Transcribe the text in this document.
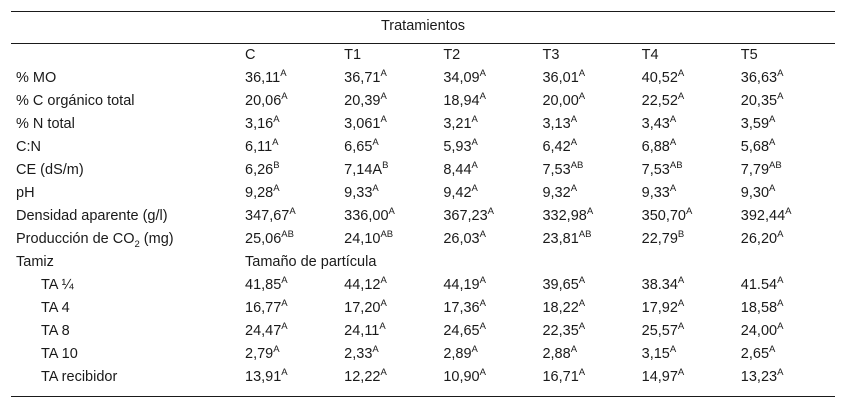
Tratamientos
	C	T1	T2	T3	T4	T5
% MO	$36,11^A$	$36,71^A$	$34,09^A$	$36,01^A$	$40,52^A$	$36,63^A$
% C orgánico total	$20,06^A$	$20,39^A$	$18,94^A$	$20,00^A$	$22,52^A$	$20,35^A$
% N total	$3,16^A$	$3,061^A$	$3,21^A$	$3,13^A$	$3,43^A$	$3,59^A$
C:N	$6,11^A$	$6,65^A$	$5,93^A$	$6,42^A$	$6,88^A$	$5,68^A$
CE (dS/m)	$6,26^B$	$7,14A^B$	$8,44^A$	$7,53^{AB}$	$7,53^{AB}$	$7,79^{AB}$
pH	$9,28^A$	$9,33^A$	$9,42^A$	$9,32^A$	$9,33^A$	$9,30^A$
Densidad aparente (g/l)	$347,67^A$	$336,00^A$	$367,23^A$	$332,98^A$	$350,70^A$	$392,44^A$
Producción de $CO_2$ (mg)	$25,06^{AB}$	$24,10^{AB}$	$26,03^A$	$23,81^{AB}$	$22,79^B$	$26,20^A$
Tamiz	Tamaño de partícula					
TA ¼	$41,85^A$	$44,12^A$	$44,19^A$	$39,65^A$	$38.34^A$	$41.54^A$
TA 4	$16,77^A$	$17,20^A$	$17,36^A$	$18,22^A$	$17,92^A$	$18,58^A$
TA 8	$24,47^A$	$24,11^A$	$24,65^A$	$22,35^A$	$25,57^A$	$24,00^A$
TA 10	$2,79^A$	$2,33^A$	$2,89^A$	$2,88^A$	$3,15^A$	$2,65^A$
TA recibidor	$13,91^A$	$12,22^A$	$10,90^A$	$16,71^A$	$14,97^A$	$13,23^A$
